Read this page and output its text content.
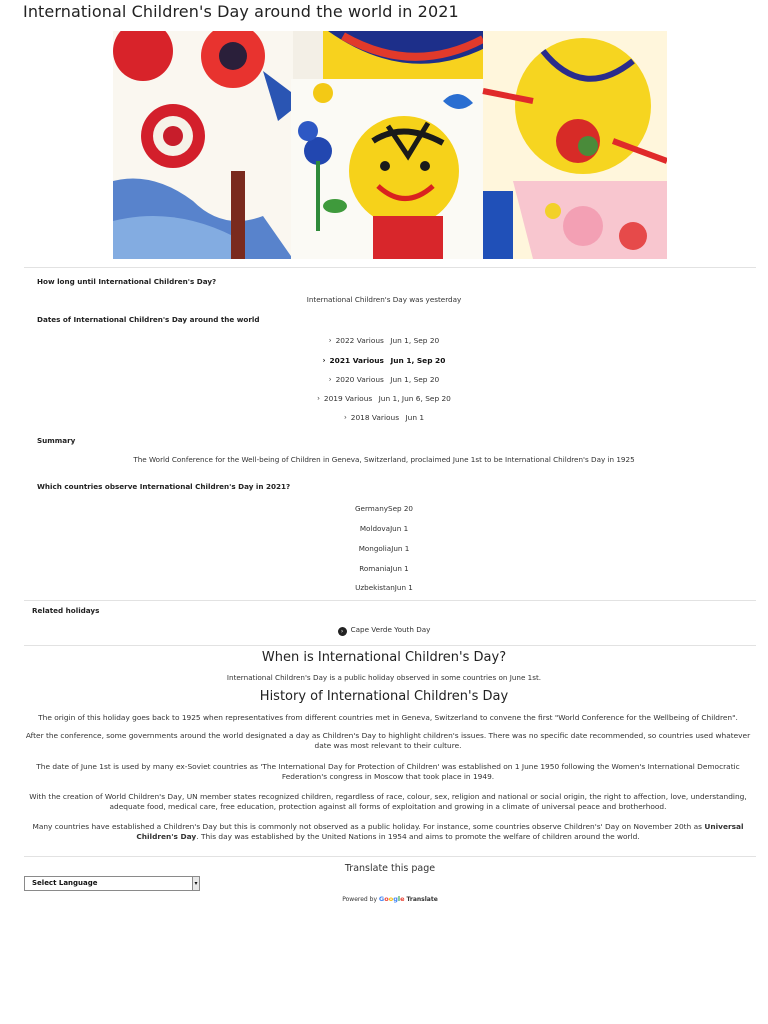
International Children's Day around the world in 2021
How long until International Children's Day?
International Children's Day was yesterday
Dates of International Children's Day around the world
› 2022 Various Jun 1, Sep 20
› 2021 Various Jun 1, Sep 20
› 2020 Various Jun 1, Sep 20
› 2019 Various Jun 1, Jun 6, Sep 20
› 2018 Various Jun 1
Summary
The World Conference for the Well-being of Children in Geneva, Switzerland, proclaimed June 1st to be International Children's Day in 1925
Which countries observe International Children's Day in 2021?
GermanySep 20
MoldovaJun 1
MongoliaJun 1
RomaniaJun 1
UzbekistanJun 1
Related holidays
› Cape Verde Youth Day
When is International Children's Day?

International Children's Day is a public holiday observed in some countries on June 1st.

History of International Children's Day

The origin of this holiday goes back to 1925 when representatives from different countries met in Geneva, Switzerland to convene the first "World Conference for the Wellbeing of Children".

After the conference, some governments around the world designated a day as Children's Day to highlight children's issues. There was no specific date recommended, so countries used whatever date was most relevant to their culture.

The date of June 1st is used by many ex-Soviet countries as 'The International Day for Protection of Children' was established on 1 June 1950 following the Women's International Democratic Federation's congress in Moscow that took place in 1949.

With the creation of World Children's Day, UN member states recognized children, regardless of race, colour, sex, religion and national or social origin, the right to affection, love, understanding, adequate food, medical care, free education, protection against all forms of exploitation and growing in a climate of universal peace and brotherhood.

Many countries have established a Children's Day but this is commonly not observed as a public holiday. For instance, some countries observe Children's' Day on November 20th as Universal Children's Day. This day was established by the United Nations in 1954 and aims to promote the welfare of children around the world.

Translate this page
Select Language	▾
Powered by Google Translate
